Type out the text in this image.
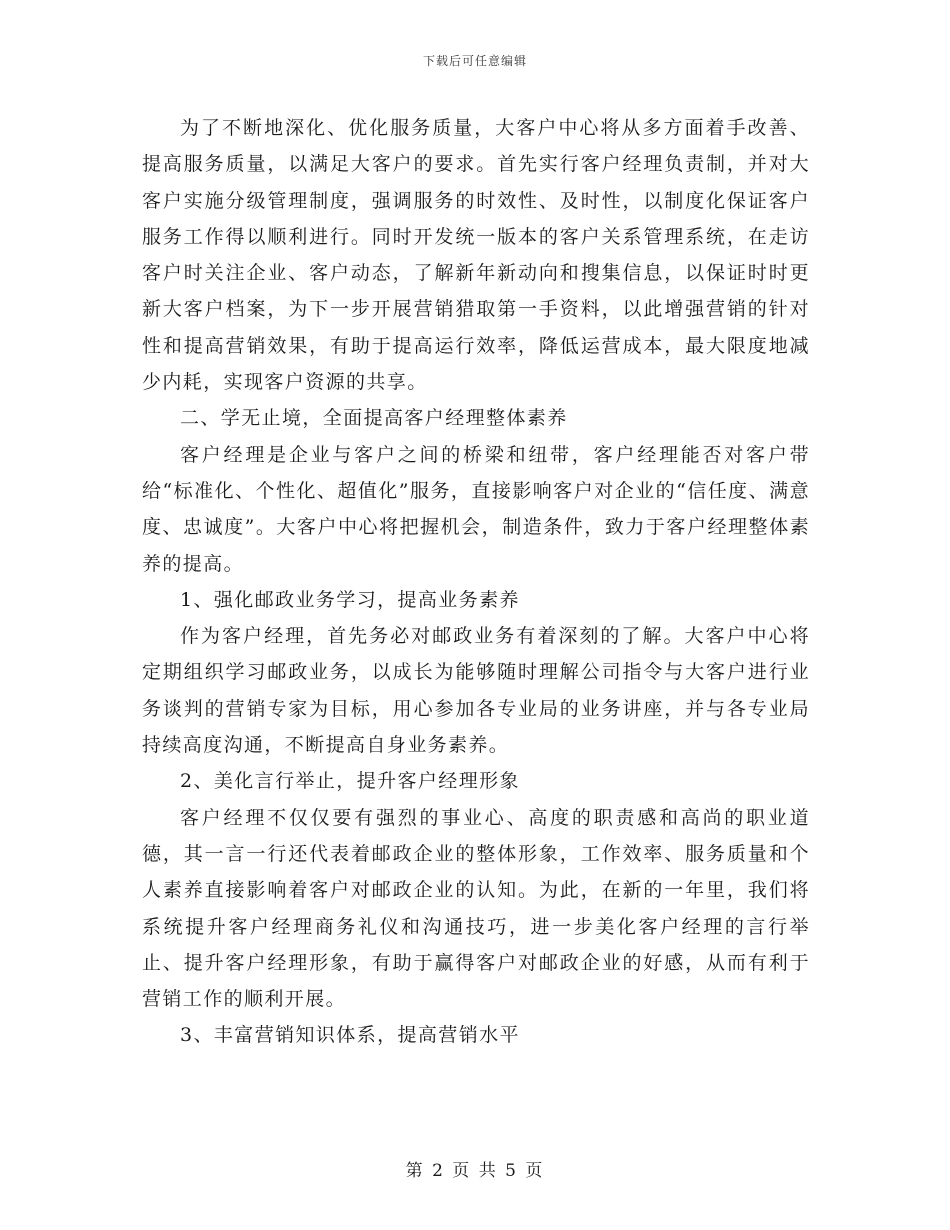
下载后可任意编辑

为了不断地深化、优化服务质量，大客户中心将从多方面着手改善、提高服务质量，以满足大客户的要求。首先实行客户经理负责制，并对大客户实施分级管理制度，强调服务的时效性、及时性，以制度化保证客户服务工作得以顺利进行。同时开发统一版本的客户关系管理系统，在走访客户时关注企业、客户动态，了解新年新动向和搜集信息，以保证时时更新大客户档案，为下一步开展营销猎取第一手资料，以此增强营销的针对性和提高营销效果，有助于提高运行效率，降低运营成本，最大限度地减少内耗，实现客户资源的共享。

二、学无止境，全面提高客户经理整体素养

客户经理是企业与客户之间的桥梁和纽带，客户经理能否对客户带给“标准化、个性化、超值化”服务，直接影响客户对企业的“信任度、满意度、忠诚度”。大客户中心将把握机会，制造条件，致力于客户经理整体素养的提高。

1、强化邮政业务学习，提高业务素养

作为客户经理，首先务必对邮政业务有着深刻的了解。大客户中心将定期组织学习邮政业务，以成长为能够随时理解公司指令与大客户进行业务谈判的营销专家为目标，用心参加各专业局的业务讲座，并与各专业局持续高度沟通，不断提高自身业务素养。

2、美化言行举止，提升客户经理形象

客户经理不仅仅要有强烈的事业心、高度的职责感和高尚的职业道德，其一言一行还代表着邮政企业的整体形象，工作效率、服务质量和个人素养直接影响着客户对邮政企业的认知。为此，在新的一年里，我们将系统提升客户经理商务礼仪和沟通技巧，进一步美化客户经理的言行举止、提升客户经理形象，有助于赢得客户对邮政企业的好感，从而有利于营销工作的顺利开展。

3、丰富营销知识体系，提高营销水平

第 2 页 共 5 页
